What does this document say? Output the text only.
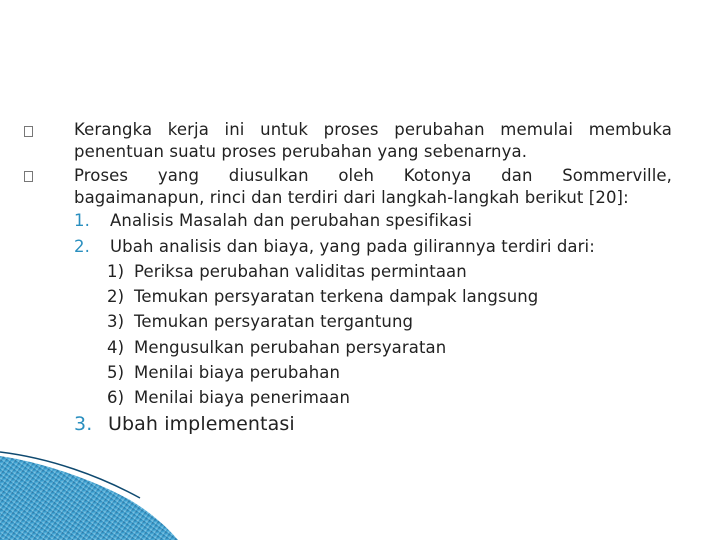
Kerangka kerja ini untuk proses perubahan memulai membuka
penentuan suatu proses perubahan yang sebenarnya.
Proses yang diusulkan oleh Kotonya dan Sommerville,
bagaimanapun, rinci dan terdiri dari langkah-langkah berikut [20]:
1. Analisis Masalah dan perubahan spesifikasi
2. Ubah analisis dan biaya, yang pada gilirannya terdiri dari:
1) Periksa perubahan validitas permintaan
2) Temukan persyaratan terkena dampak langsung
3) Temukan persyaratan tergantung
4) Mengusulkan perubahan persyaratan
5) Menilai biaya perubahan
6) Menilai biaya penerimaan
3. Ubah implementasi
